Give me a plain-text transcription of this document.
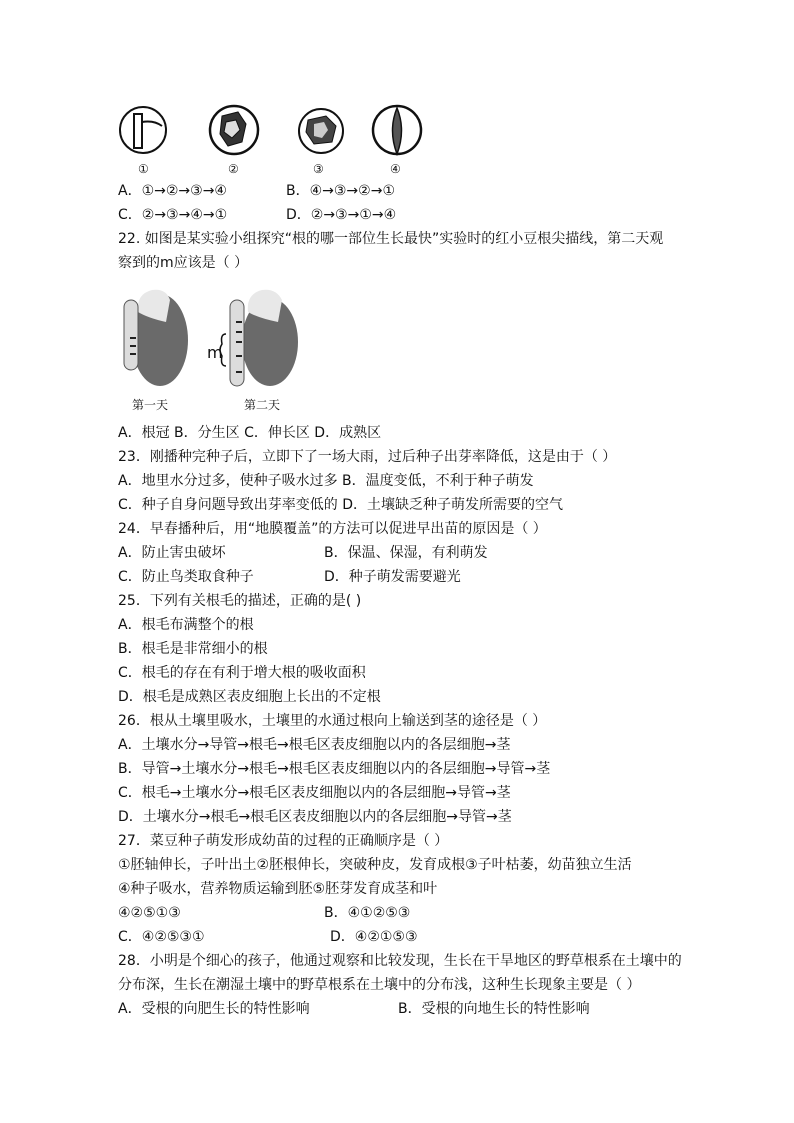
①	②	③	④
A．①→②→③→④	B．④→③→②→①
C．②→③→④→①	D．②→③→①→④
22. 如图是某实验小组探究“根的哪一部位生长最快”实验时的红小豆根尖描线，第二天观
察到的m应该是（ ）
m
第一天	第二天
A．根冠 B．分生区 C．伸长区 D．成熟区
23．刚播种完种子后，立即下了一场大雨，过后种子出芽率降低，这是由于（ ）
A．地里水分过多，使种子吸水过多 B．温度变低，不利于种子萌发
C．种子自身问题导致出芽率变低的 D．土壤缺乏种子萌发所需要的空气
24．早春播种后，用“地膜覆盖”的方法可以促进早出苗的原因是（ ）
A．防止害虫破坏	B．保温、保湿，有利萌发
C．防止鸟类取食种子	D．种子萌发需要避光
25．下列有关根毛的描述，正确的是( )
A．根毛布满整个的根
B．根毛是非常细小的根
C．根毛的存在有利于增大根的吸收面积
D．根毛是成熟区表皮细胞上长出的不定根
26．根从土壤里吸水，土壤里的水通过根向上输送到茎的途径是（ ）
A．土壤水分→导管→根毛→根毛区表皮细胞以内的各层细胞→茎
B．导管→土壤水分→根毛→根毛区表皮细胞以内的各层细胞→导管→茎
C．根毛→土壤水分→根毛区表皮细胞以内的各层细胞→导管→茎
D．土壤水分→根毛→根毛区表皮细胞以内的各层细胞→导管→茎
27．菜豆种子萌发形成幼苗的过程的正确顺序是（ ）
①胚轴伸长，子叶出土②胚根伸长，突破种皮，发育成根③子叶枯萎，幼苗独立生活
④种子吸水，营养物质运输到胚⑤胚芽发育成茎和叶
④②⑤①③	B．④①②⑤③
C．④②⑤③①	D．④②①⑤③
28．小明是个细心的孩子，他通过观察和比较发现，生长在干旱地区的野草根系在土壤中的
分布深，生长在潮湿土壤中的野草根系在土壤中的分布浅，这种生长现象主要是（ ）
A．受根的向肥生长的特性影响	B．受根的向地生长的特性影响
